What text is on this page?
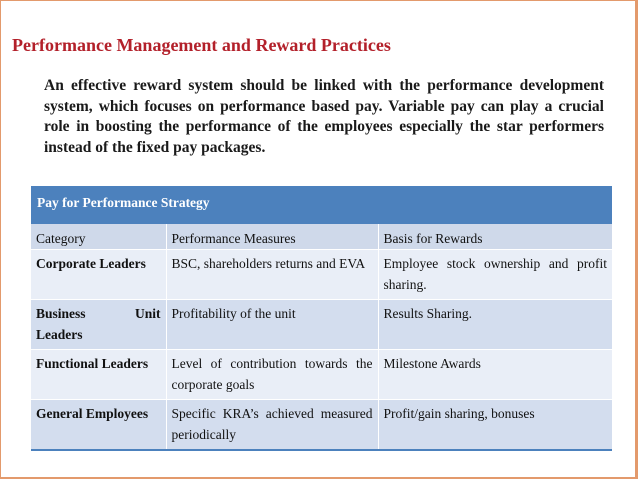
Performance Management and Reward Practices
An effective reward system should be linked with the performance development system, which focuses on performance based pay. Variable pay can play a crucial role in boosting the performance of the employees especially the star performers instead of the fixed pay packages.
Pay for Performance Strategy		
Category	Performance Measures	Basis for Rewards
Corporate Leaders	BSC, shareholders returns and EVA	Employee stock ownership and profit sharing.
Business Unit Leaders	Profitability of the unit	Results Sharing.
Functional Leaders	Level of contribution towards the corporate goals	Milestone Awards
General Employees	Specific KRA’s achieved measured periodically	Profit/gain sharing, bonuses
